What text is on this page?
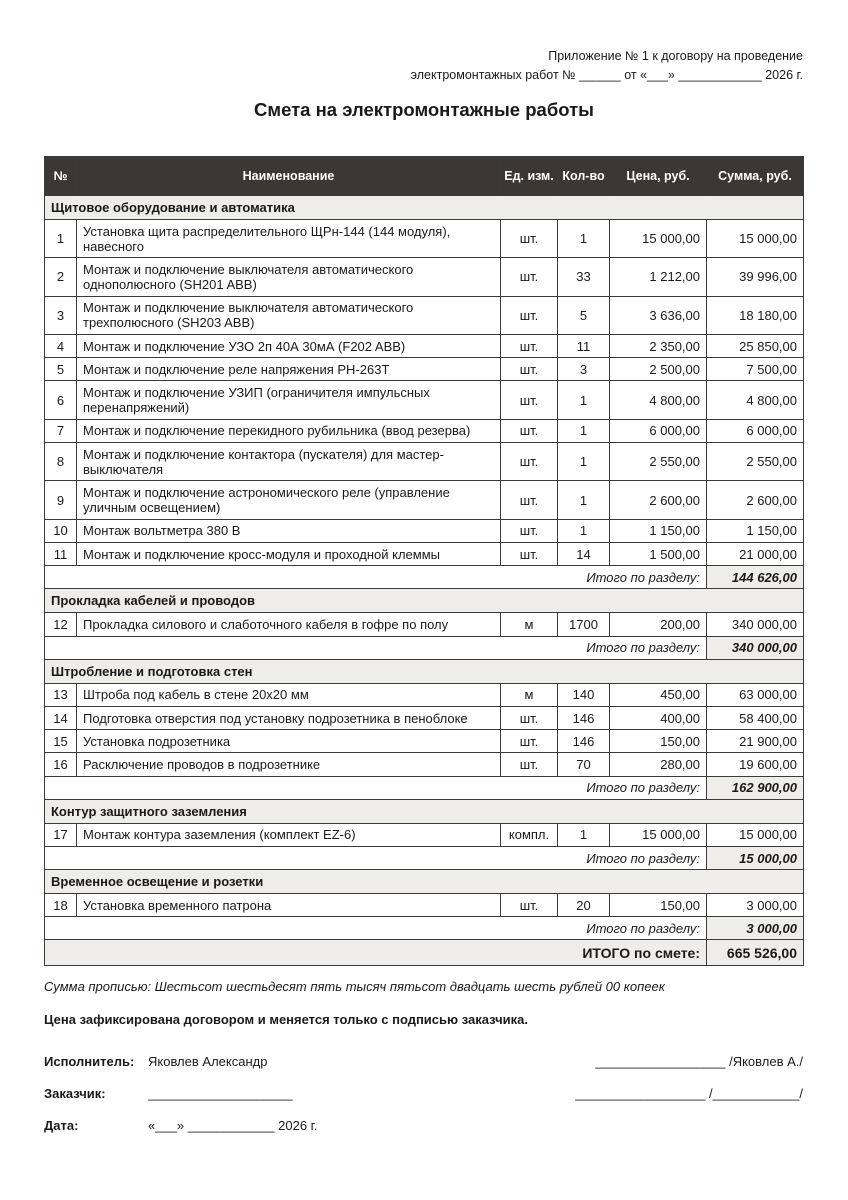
Приложение № 1 к договору на проведение
электромонтажных работ № ______ от «___» ____________ 2026 г.
Смета на электромонтажные работы
№	Наименование	Ед. изм.	Кол-во	Цена, руб.	Сумма, руб.
Щитовое оборудование и автоматика					
1	Установка щита распределительного ЩРн-144 (144 модуля), навесного	шт.	1	15 000,00	15 000,00
2	Монтаж и подключение выключателя автоматического однополюсного (SH201 ABB)	шт.	33	1 212,00	39 996,00
3	Монтаж и подключение выключателя автоматического трехполюсного (SH203 ABB)	шт.	5	3 636,00	18 180,00
4	Монтаж и подключение УЗО 2п 40А 30мА (F202 ABB)	шт.	11	2 350,00	25 850,00
5	Монтаж и подключение реле напряжения РН-263Т	шт.	3	2 500,00	7 500,00
6	Монтаж и подключение УЗИП (ограничителя импульсных перенапряжений)	шт.	1	4 800,00	4 800,00
7	Монтаж и подключение перекидного рубильника (ввод резерва)	шт.	1	6 000,00	6 000,00
8	Монтаж и подключение контактора (пускателя) для мастер-выключателя	шт.	1	2 550,00	2 550,00
9	Монтаж и подключение астрономического реле (управление уличным освещением)	шт.	1	2 600,00	2 600,00
10	Монтаж вольтметра 380 В	шт.	1	1 150,00	1 150,00
11	Монтаж и подключение кросс-модуля и проходной клеммы	шт.	14	1 500,00	21 000,00
Итого по разделу:					144 626,00
Прокладка кабелей и проводов					
12	Прокладка силового и слаботочного кабеля в гофре по полу	м	1700	200,00	340 000,00
Итого по разделу:					340 000,00
Штробление и подготовка стен					
13	Штроба под кабель в стене 20х20 мм	м	140	450,00	63 000,00
14	Подготовка отверстия под установку подрозетника в пеноблоке	шт.	146	400,00	58 400,00
15	Установка подрозетника	шт.	146	150,00	21 900,00
16	Расключение проводов в подрозетнике	шт.	70	280,00	19 600,00
Итого по разделу:					162 900,00
Контур защитного заземления					
17	Монтаж контура заземления (комплект EZ-6)	компл.	1	15 000,00	15 000,00
Итого по разделу:					15 000,00
Временное освещение и розетки					
18	Установка временного патрона	шт.	20	150,00	3 000,00
Итого по разделу:					3 000,00
ИТОГО по смете:					665 526,00
Сумма прописью: Шестьсот шестьдесят пять тысяч пятьсот двадцать шесть рублей 00 копеек
Цена зафиксирована договором и меняется только с подписью заказчика.
Исполнитель: Яковлев Александр	__________________ /Яковлев А./
Заказчик:	____________________	__________________ /____________/
Дата:	«___» ____________ 2026 г.
